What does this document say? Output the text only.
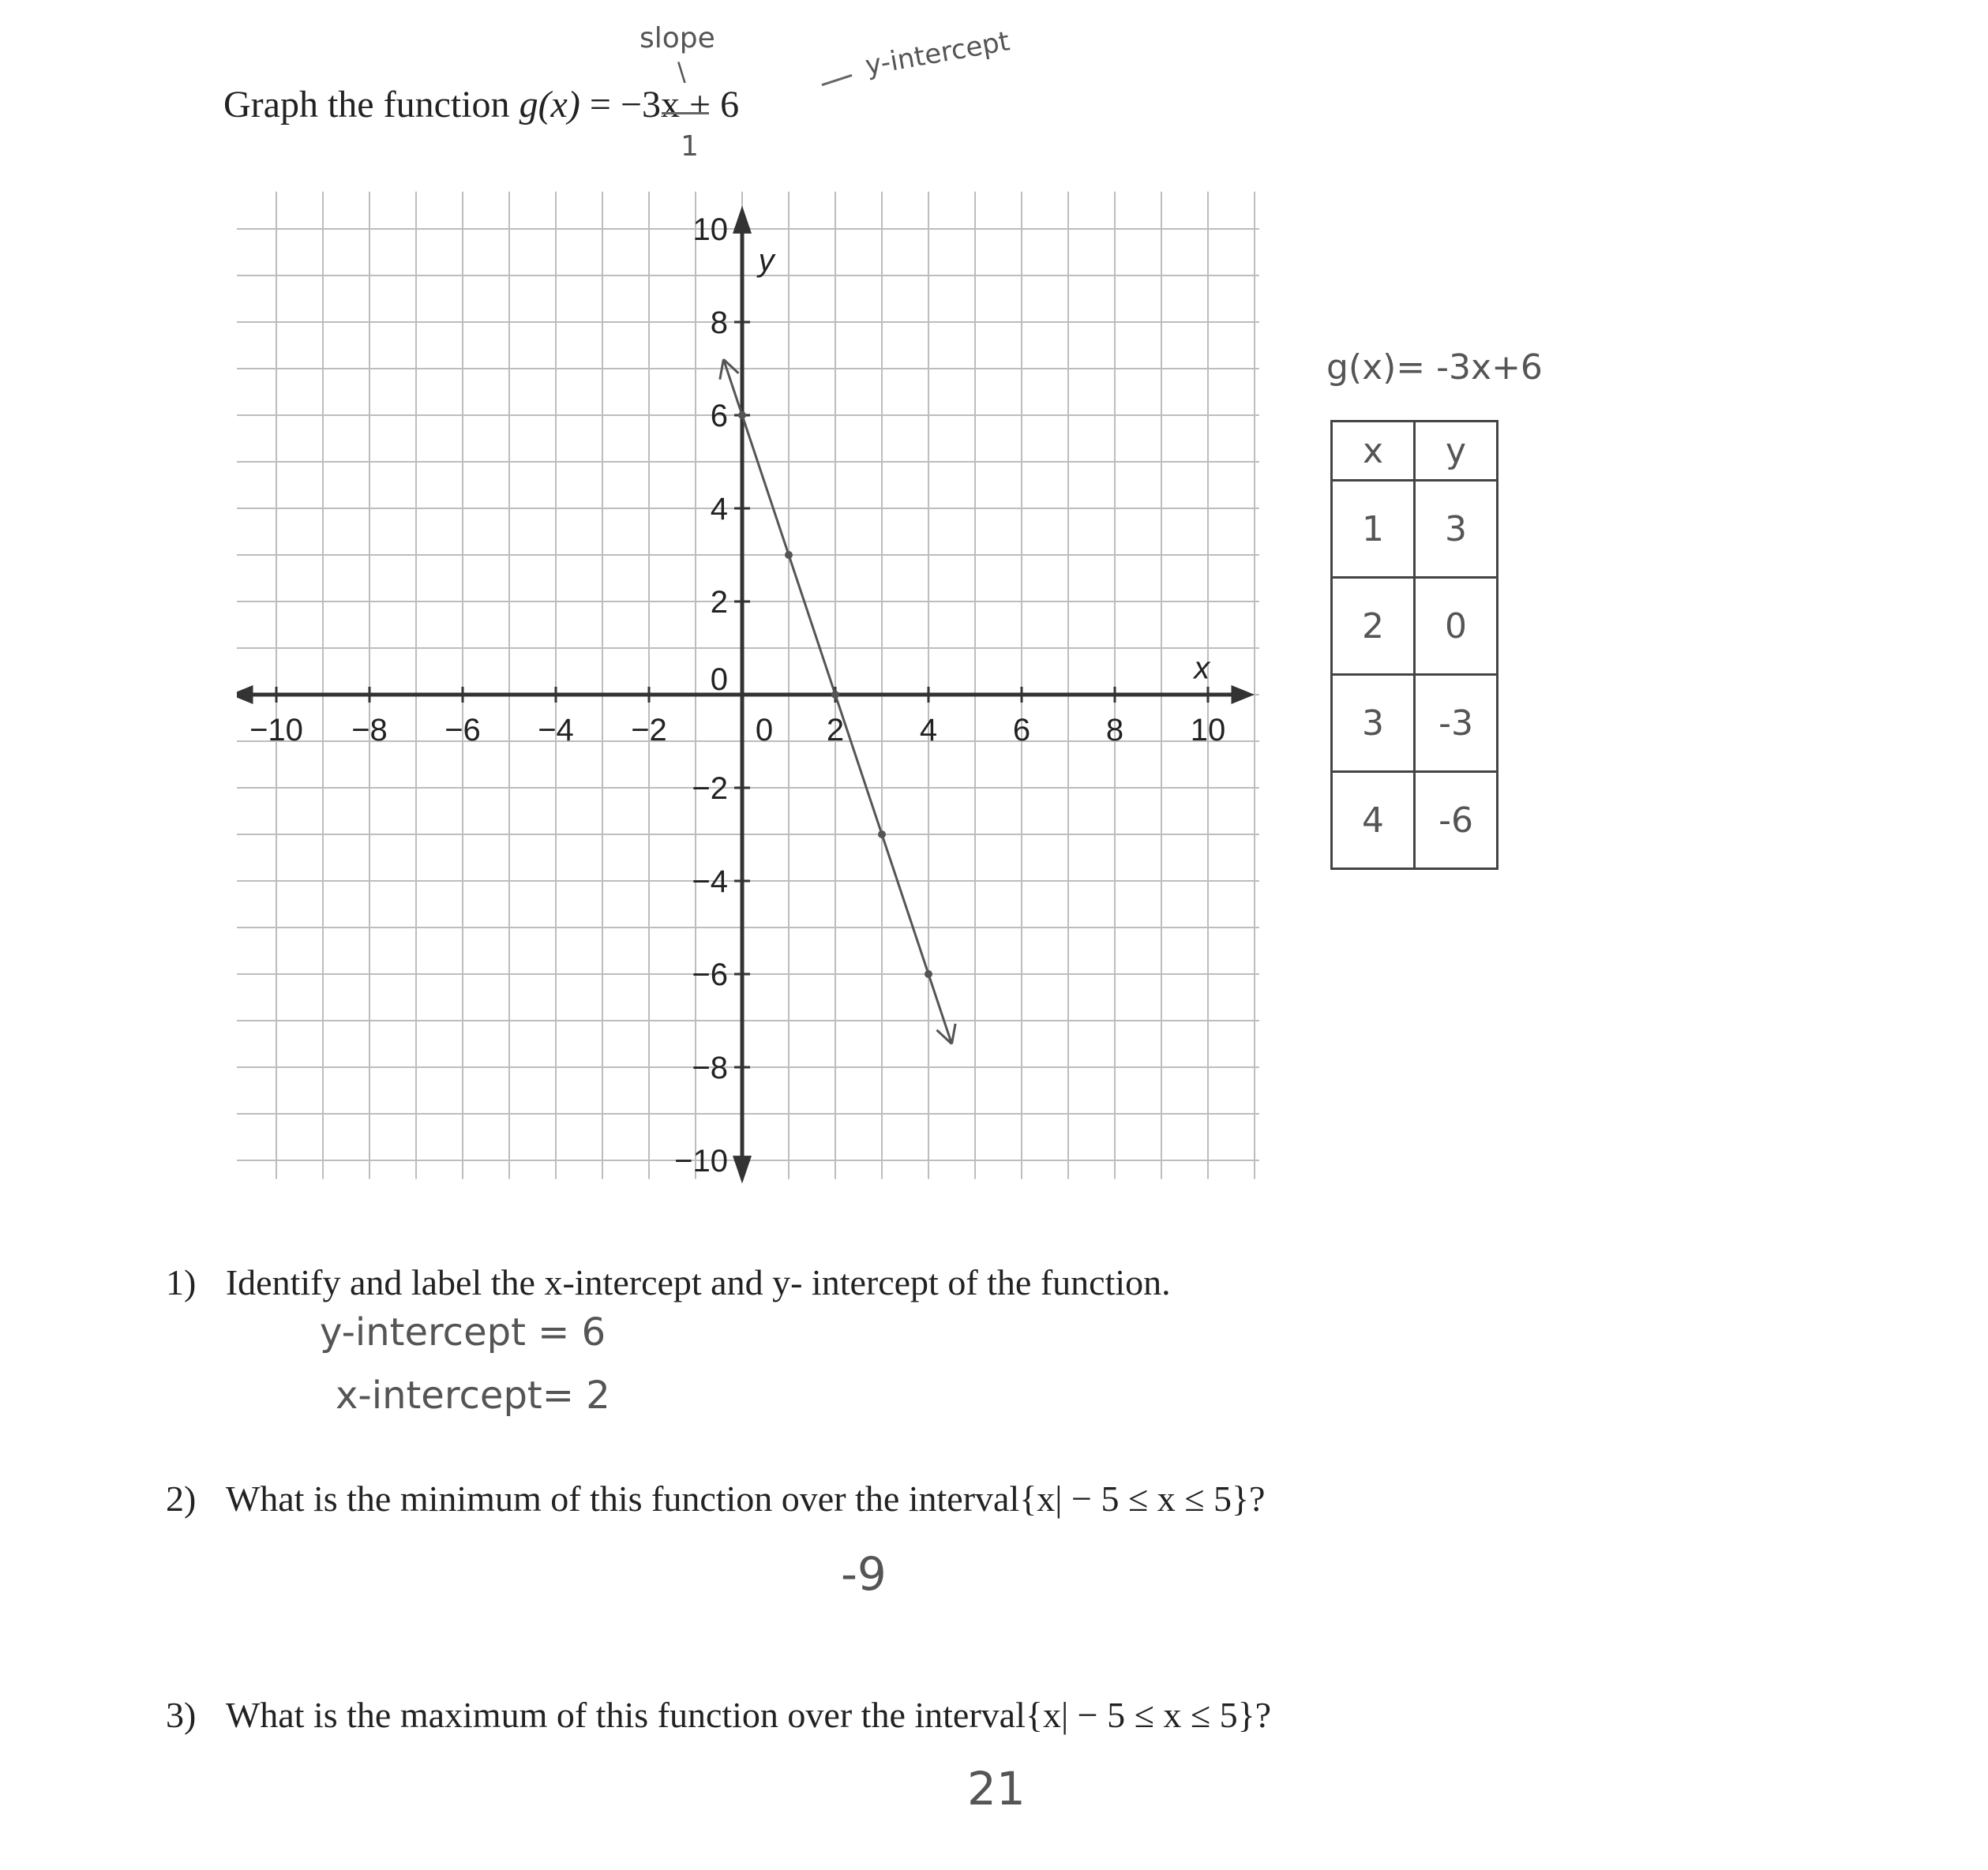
Graph the function g(x) = −3x + 6
slope
\
1
y-intercept
x
y
−10 −8 −6 −4 −2	0 2 4 6 8 10
10
8
6
4
2
0
−2
−4
−6
−8
−10
g(x)= -3x+6
x	y
1	3
2	0
3	-3
4	-6
1) Identify and label the x-intercept and y- intercept of the function.
y-intercept = 6
x-intercept= 2
2) What is the minimum of this function over the interval{x| − 5 ≤ x ≤ 5}?
-9
3) What is the maximum of this function over the interval{x| − 5 ≤ x ≤ 5}?
21
